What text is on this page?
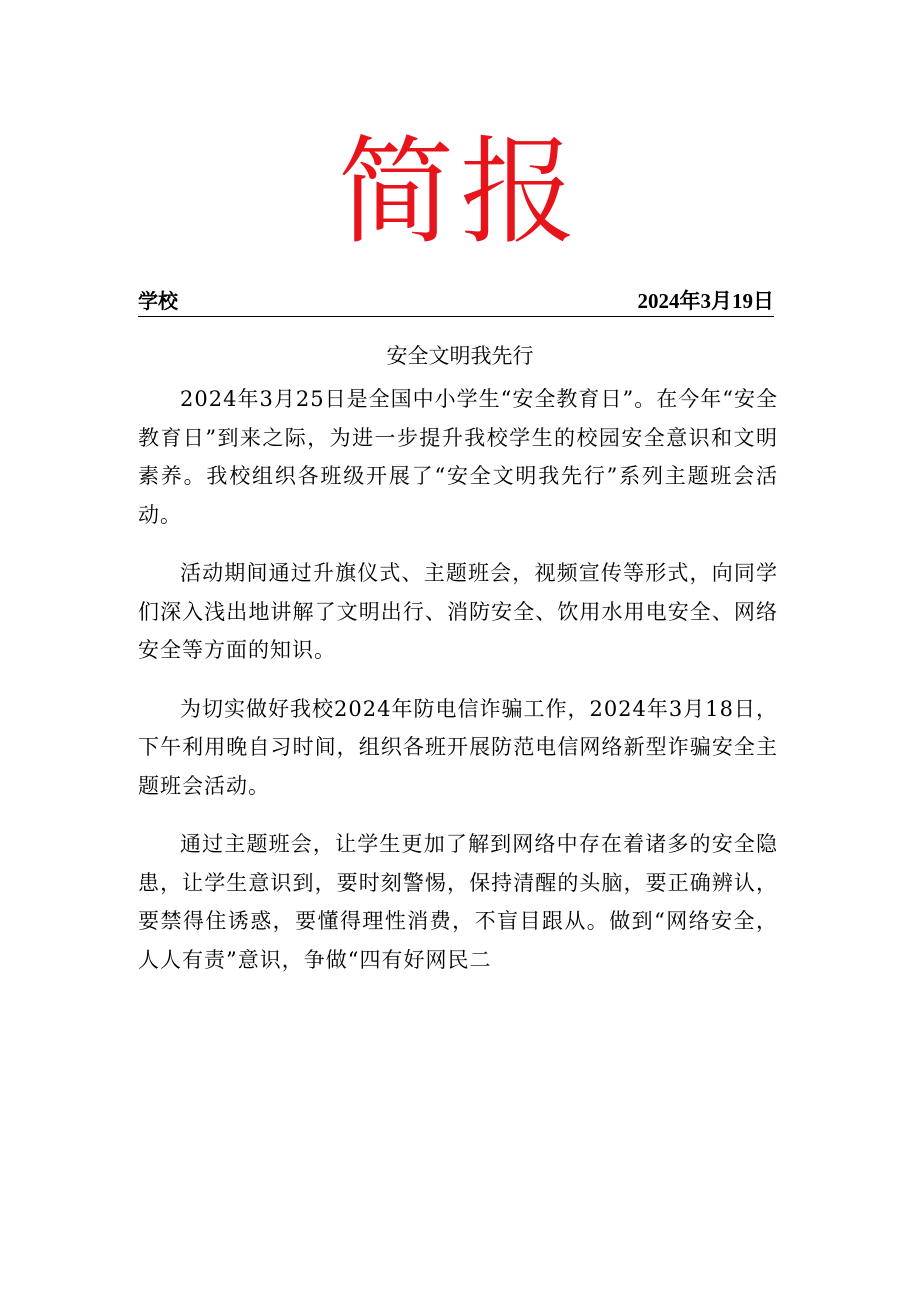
简报
学校	2024年3月19日
安全文明我先行

2024年3月25日是全国中小学生“安全教育日”。在今年“安全教育日”到来之际，为进一步提升我校学生的校园安全意识和文明素养。我校组织各班级开展了“安全文明我先行”系列主题班会活动。

活动期间通过升旗仪式、主题班会，视频宣传等形式，向同学们深入浅出地讲解了文明出行、消防安全、饮用水用电安全、网络安全等方面的知识。

为切实做好我校2024年防电信诈骗工作，2024年3月18日，下午利用晚自习时间，组织各班开展防范电信网络新型诈骗安全主题班会活动。

通过主题班会，让学生更加了解到网络中存在着诸多的安全隐患，让学生意识到，要时刻警惕，保持清醒的头脑，要正确辨认，要禁得住诱惑，要懂得理性消费，不盲目跟从。做到“网络安全，人人有责”意识，争做“四有好网民二
